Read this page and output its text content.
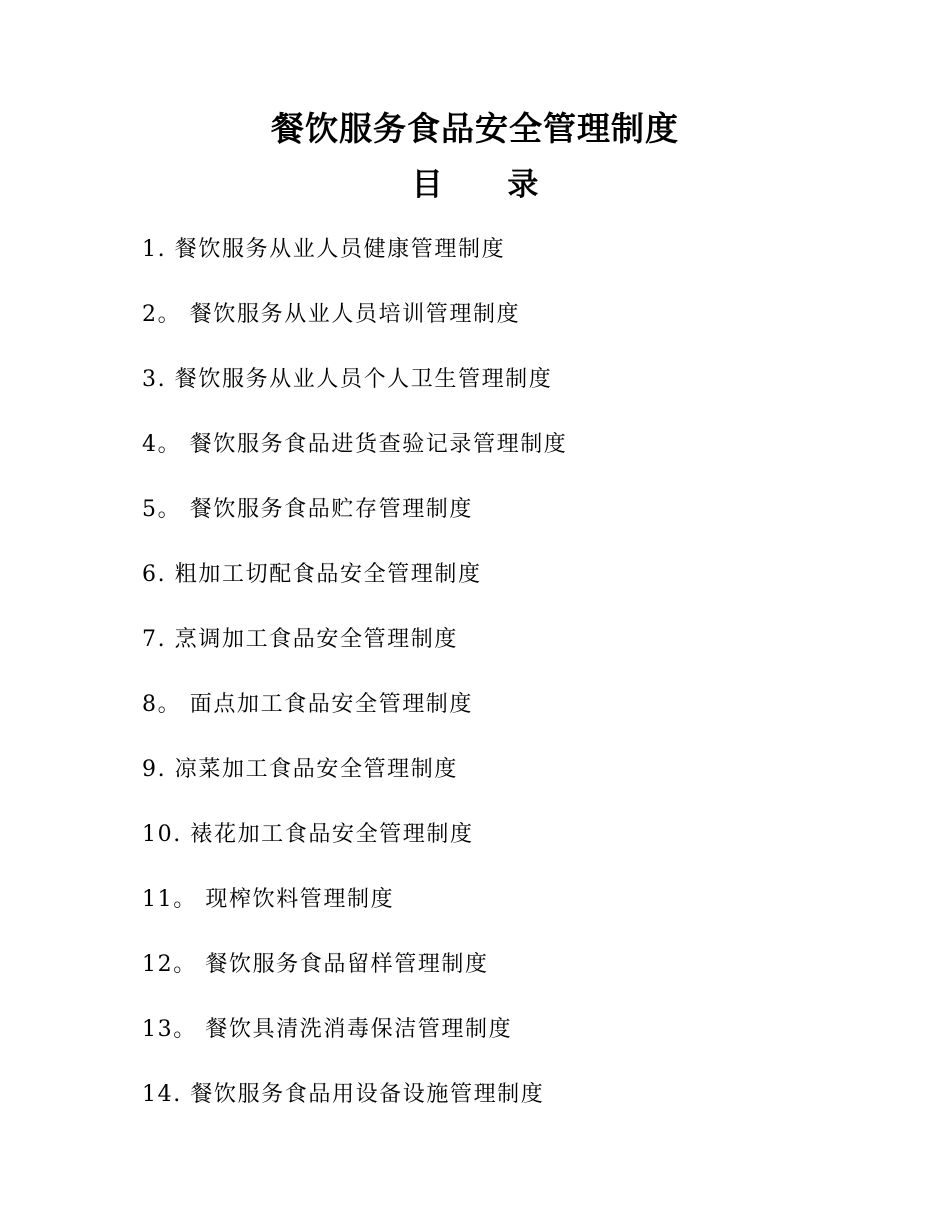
餐饮服务食品安全管理制度
目 录
1. 餐饮服务从业人员健康管理制度
2。 餐饮服务从业人员培训管理制度
3. 餐饮服务从业人员个人卫生管理制度
4。 餐饮服务食品进货查验记录管理制度
5。 餐饮服务食品贮存管理制度
6. 粗加工切配食品安全管理制度
7. 烹调加工食品安全管理制度
8。 面点加工食品安全管理制度
9. 凉菜加工食品安全管理制度
10. 裱花加工食品安全管理制度
11。 现榨饮料管理制度
12。 餐饮服务食品留样管理制度
13。 餐饮具清洗消毒保洁管理制度
14. 餐饮服务食品用设备设施管理制度
